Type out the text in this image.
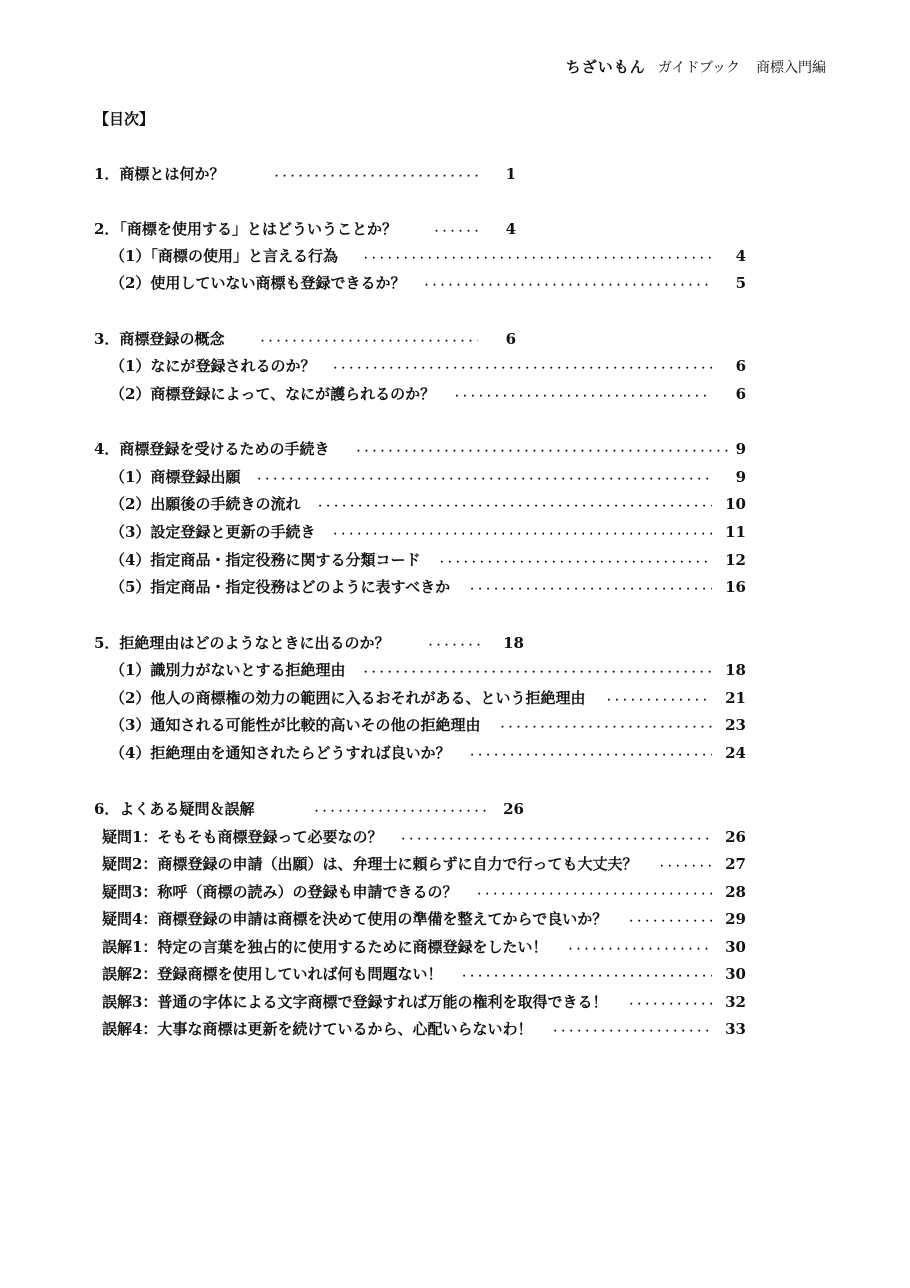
ちざいもん ガイドブック 商標入門編
【目次】
1．商標とは何か？ ・・・・・・・・・・・・・・・・・・・・・・・・・・・・・・・・・・・・・・・・・・・・・・・・・・・・・・・・・・・・・・・・・・・・・・・・・・・・・・・・・・・・・・・・・・・・	1
2．「商標を使用する」とはどういうことか？ ・・・・・・・・・・・・・・・・・・・・・・・・・・・・・・・・・・・・・・・・・・・・・・・・・・・・・・・・・・・・・・・・・・・・・・・・・・・・・・・・・・・・・・・・・・・・	4
（1）「商標の使用」と言える行為 ・・・・・・・・・・・・・・・・・・・・・・・・・・・・・・・・・・・・・・・・・・・・・・・・・・・・・・・・・・・・・・・・・・・・・・・・・・・・・・・・・・・・・・・・・・・・	4
（2）使用していない商標も登録できるか？ ・・・・・・・・・・・・・・・・・・・・・・・・・・・・・・・・・・・・・・・・・・・・・・・・・・・・・・・・・・・・・・・・・・・・・・・・・・・・・・・・・・・・・・・・・・・・	5
3．商標登録の概念 ・・・・・・・・・・・・・・・・・・・・・・・・・・・・・・・・・・・・・・・・・・・・・・・・・・・・・・・・・・・・・・・・・・・・・・・・・・・・・・・・・・・・・・・・・・・・	6
（1）なにが登録されるのか？ ・・・・・・・・・・・・・・・・・・・・・・・・・・・・・・・・・・・・・・・・・・・・・・・・・・・・・・・・・・・・・・・・・・・・・・・・・・・・・・・・・・・・・・・・・・・・	6
（2）商標登録によって、なにが護られるのか？ ・・・・・・・・・・・・・・・・・・・・・・・・・・・・・・・・・・・・・・・・・・・・・・・・・・・・・・・・・・・・・・・・・・・・・・・・・・・・・・・・・・・・・・・・・・・・	6
4．商標登録を受けるための手続き ・・・・・・・・・・・・・・・・・・・・・・・・・・・・・・・・・・・・・・・・・・・・・・・・・・・・・・・・・・・・・・・・・・・・・・・・・・・・・・・・・・・・・・・・・・・・	9
（1）商標登録出願 ・・・・・・・・・・・・・・・・・・・・・・・・・・・・・・・・・・・・・・・・・・・・・・・・・・・・・・・・・・・・・・・・・・・・・・・・・・・・・・・・・・・・・・・・・・・・	9
（2）出願後の手続きの流れ ・・・・・・・・・・・・・・・・・・・・・・・・・・・・・・・・・・・・・・・・・・・・・・・・・・・・・・・・・・・・・・・・・・・・・・・・・・・・・・・・・・・・・・・・・・・・	10
（3）設定登録と更新の手続き ・・・・・・・・・・・・・・・・・・・・・・・・・・・・・・・・・・・・・・・・・・・・・・・・・・・・・・・・・・・・・・・・・・・・・・・・・・・・・・・・・・・・・・・・・・・・	11
（4）指定商品・指定役務に関する分類コード ・・・・・・・・・・・・・・・・・・・・・・・・・・・・・・・・・・・・・・・・・・・・・・・・・・・・・・・・・・・・・・・・・・・・・・・・・・・・・・・・・・・・・・・・・・・・	12
（5）指定商品・指定役務はどのように表すべきか ・・・・・・・・・・・・・・・・・・・・・・・・・・・・・・・・・・・・・・・・・・・・・・・・・・・・・・・・・・・・・・・・・・・・・・・・・・・・・・・・・・・・・・・・・・・・	16
5．拒絶理由はどのようなときに出るのか？ ・・・・・・・・・・・・・・・・・・・・・・・・・・・・・・・・・・・・・・・・・・・・・・・・・・・・・・・・・・・・・・・・・・・・・・・・・・・・・・・・・・・・・・・・・・・・	18
（1）識別力がないとする拒絶理由 ・・・・・・・・・・・・・・・・・・・・・・・・・・・・・・・・・・・・・・・・・・・・・・・・・・・・・・・・・・・・・・・・・・・・・・・・・・・・・・・・・・・・・・・・・・・・	18
（2）他人の商標権の効力の範囲に入るおそれがある、という拒絶理由 ・・・・・・・・・・・・・・・・・・・・・・・・・・・・・・・・・・・・・・・・・・・・・・・・・・・・・・・・・・・・・・・・・・・・・・・・・・・・・・・・・・・・・・・・・・・・	21
（3）通知される可能性が比較的高いその他の拒絶理由 ・・・・・・・・・・・・・・・・・・・・・・・・・・・・・・・・・・・・・・・・・・・・・・・・・・・・・・・・・・・・・・・・・・・・・・・・・・・・・・・・・・・・・・・・・・・・	23
（4）拒絶理由を通知されたらどうすれば良いか？ ・・・・・・・・・・・・・・・・・・・・・・・・・・・・・・・・・・・・・・・・・・・・・・・・・・・・・・・・・・・・・・・・・・・・・・・・・・・・・・・・・・・・・・・・・・・・	24
6．よくある疑問＆誤解 ・・・・・・・・・・・・・・・・・・・・・・・・・・・・・・・・・・・・・・・・・・・・・・・・・・・・・・・・・・・・・・・・・・・・・・・・・・・・・・・・・・・・・・・・・・・・	26
疑問1：そもそも商標登録って必要なの？ ・・・・・・・・・・・・・・・・・・・・・・・・・・・・・・・・・・・・・・・・・・・・・・・・・・・・・・・・・・・・・・・・・・・・・・・・・・・・・・・・・・・・・・・・・・・・	26
疑問2：商標登録の申請（出願）は、弁理士に頼らずに自力で行っても大丈夫？ ・・・・・・・・・・・・・・・・・・・・・・・・・・・・・・・・・・・・・・・・・・・・・・・・・・・・・・・・・・・・・・・・・・・・・・・・・・・・・・・・・・・・・・・・・・・・	27
疑問3：称呼（商標の読み）の登録も申請できるの？ ・・・・・・・・・・・・・・・・・・・・・・・・・・・・・・・・・・・・・・・・・・・・・・・・・・・・・・・・・・・・・・・・・・・・・・・・・・・・・・・・・・・・・・・・・・・・	28
疑問4：商標登録の申請は商標を決めて使用の準備を整えてからで良いか？ ・・・・・・・・・・・・・・・・・・・・・・・・・・・・・・・・・・・・・・・・・・・・・・・・・・・・・・・・・・・・・・・・・・・・・・・・・・・・・・・・・・・・・・・・・・・・	29
誤解1：特定の言葉を独占的に使用するために商標登録をしたい！ ・・・・・・・・・・・・・・・・・・・・・・・・・・・・・・・・・・・・・・・・・・・・・・・・・・・・・・・・・・・・・・・・・・・・・・・・・・・・・・・・・・・・・・・・・・・・	30
誤解2：登録商標を使用していれば何も問題ない！ ・・・・・・・・・・・・・・・・・・・・・・・・・・・・・・・・・・・・・・・・・・・・・・・・・・・・・・・・・・・・・・・・・・・・・・・・・・・・・・・・・・・・・・・・・・・・	30
誤解3：普通の字体による文字商標で登録すれば万能の権利を取得できる！ ・・・・・・・・・・・・・・・・・・・・・・・・・・・・・・・・・・・・・・・・・・・・・・・・・・・・・・・・・・・・・・・・・・・・・・・・・・・・・・・・・・・・・・・・・・・・	32
誤解4：大事な商標は更新を続けているから、心配いらないわ！ ・・・・・・・・・・・・・・・・・・・・・・・・・・・・・・・・・・・・・・・・・・・・・・・・・・・・・・・・・・・・・・・・・・・・・・・・・・・・・・・・・・・・・・・・・・・・	33
